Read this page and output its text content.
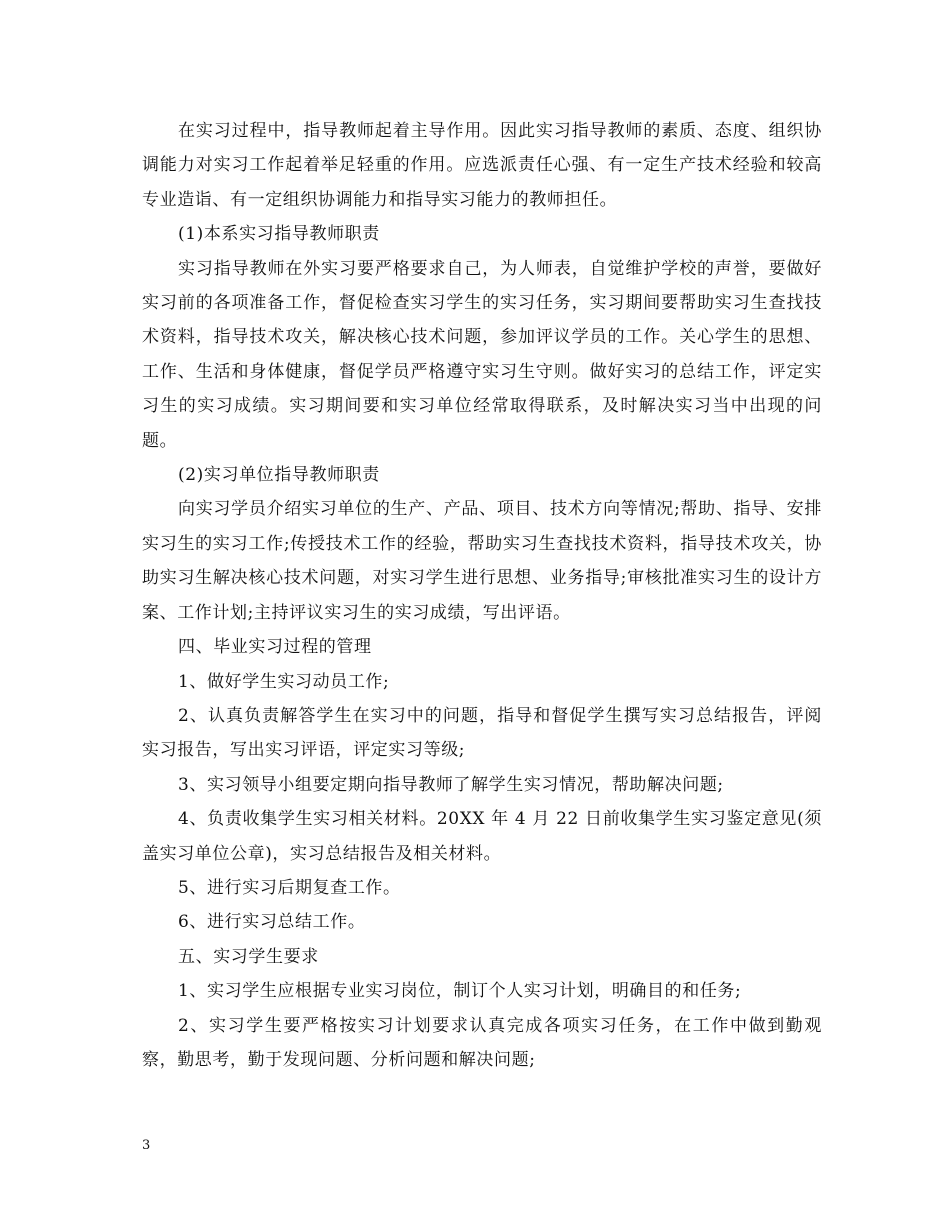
在实习过程中，指导教师起着主导作用。因此实习指导教师的素质、态度、组织协调能力对实习工作起着举足轻重的作用。应选派责任心强、有一定生产技术经验和较高专业造诣、有一定组织协调能力和指导实习能力的教师担任。

(1)本系实习指导教师职责

实习指导教师在外实习要严格要求自己，为人师表，自觉维护学校的声誉，要做好实习前的各项准备工作，督促检查实习学生的实习任务，实习期间要帮助实习生查找技术资料，指导技术攻关，解决核心技术问题，参加评议学员的工作。关心学生的思想、工作、生活和身体健康，督促学员严格遵守实习生守则。做好实习的总结工作，评定实习生的实习成绩。实习期间要和实习单位经常取得联系，及时解决实习当中出现的问题。

(2)实习单位指导教师职责

向实习学员介绍实习单位的生产、产品、项目、技术方向等情况;帮助、指导、安排实习生的实习工作;传授技术工作的经验，帮助实习生查找技术资料，指导技术攻关，协助实习生解决核心技术问题，对实习学生进行思想、业务指导;审核批准实习生的设计方案、工作计划;主持评议实习生的实习成绩，写出评语。

四、毕业实习过程的管理

1、做好学生实习动员工作;

2、认真负责解答学生在实习中的问题，指导和督促学生撰写实习总结报告，评阅实习报告，写出实习评语，评定实习等级;

3、实习领导小组要定期向指导教师了解学生实习情况，帮助解决问题;

4、负责收集学生实习相关材料。20XX 年 4 月 22 日前收集学生实习鉴定意见(须盖实习单位公章)，实习总结报告及相关材料。

5、进行实习后期复查工作。

6、进行实习总结工作。

五、实习学生要求

1、实习学生应根据专业实习岗位，制订个人实习计划，明确目的和任务;

2、实习学生要严格按实习计划要求认真完成各项实习任务，在工作中做到勤观察，勤思考，勤于发现问题、分析问题和解决问题;

3
